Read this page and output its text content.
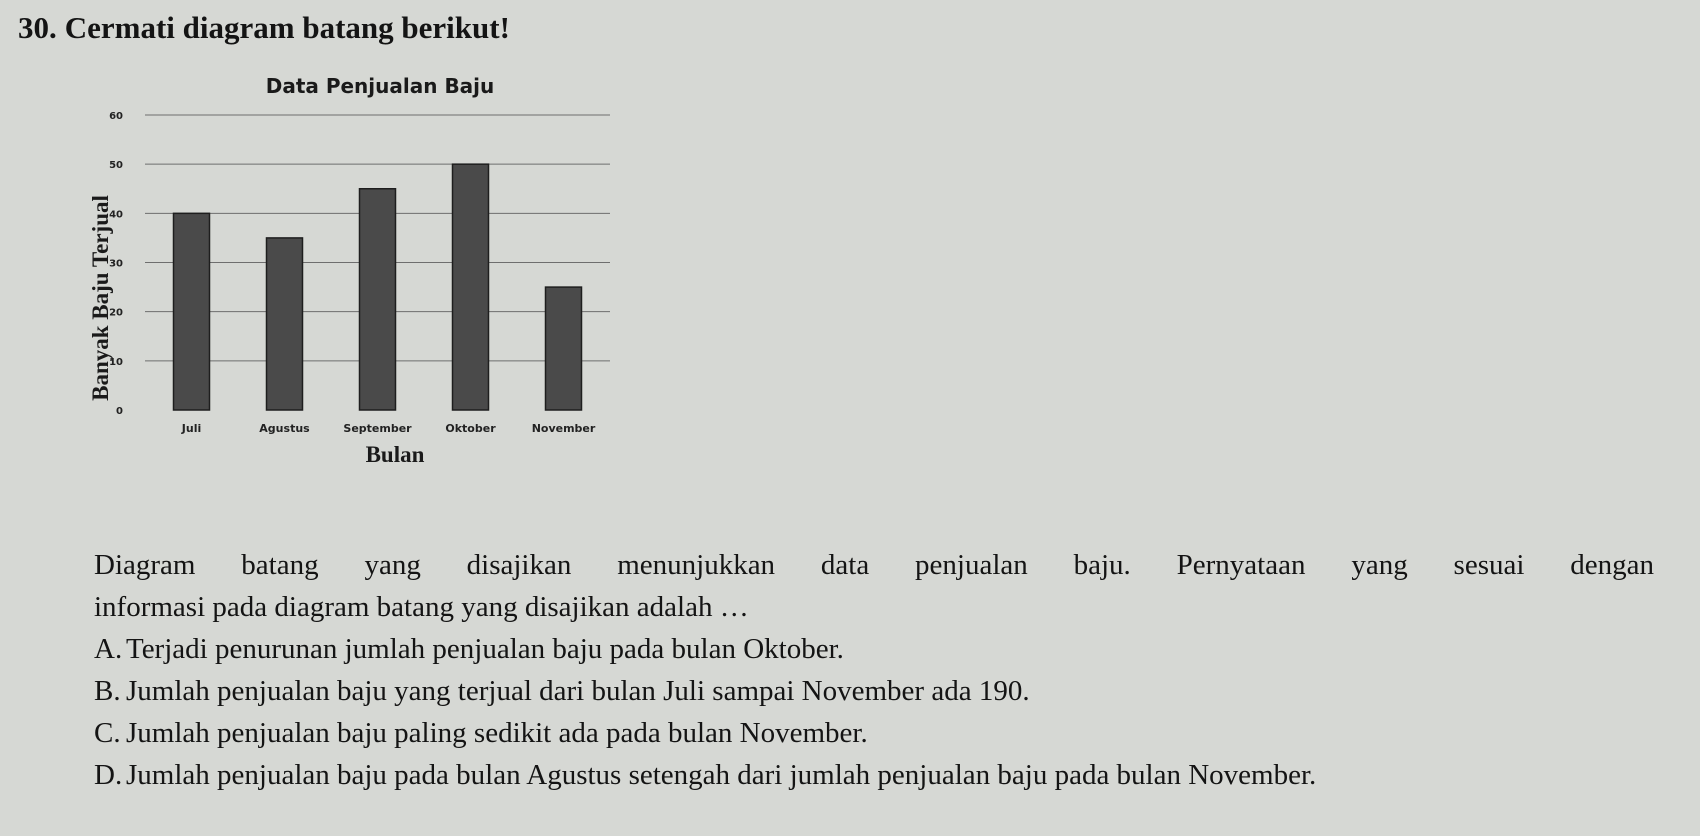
30. Cermati diagram batang berikut!
Data Penjualan Baju
Banyak Baju Terjual
Bulan
0
10
20
30
40
50
60
Juli	Agustus	September	Oktober	November
Diagram batang yang disajikan menunjukkan data penjualan baju. Pernyataan yang sesuai dengan
informasi pada diagram batang yang disajikan adalah …
A. Terjadi penurunan jumlah penjualan baju pada bulan Oktober.
B. Jumlah penjualan baju yang terjual dari bulan Juli sampai November ada 190.
C. Jumlah penjualan baju paling sedikit ada pada bulan November.
D. Jumlah penjualan baju pada bulan Agustus setengah dari jumlah penjualan baju pada bulan November.
